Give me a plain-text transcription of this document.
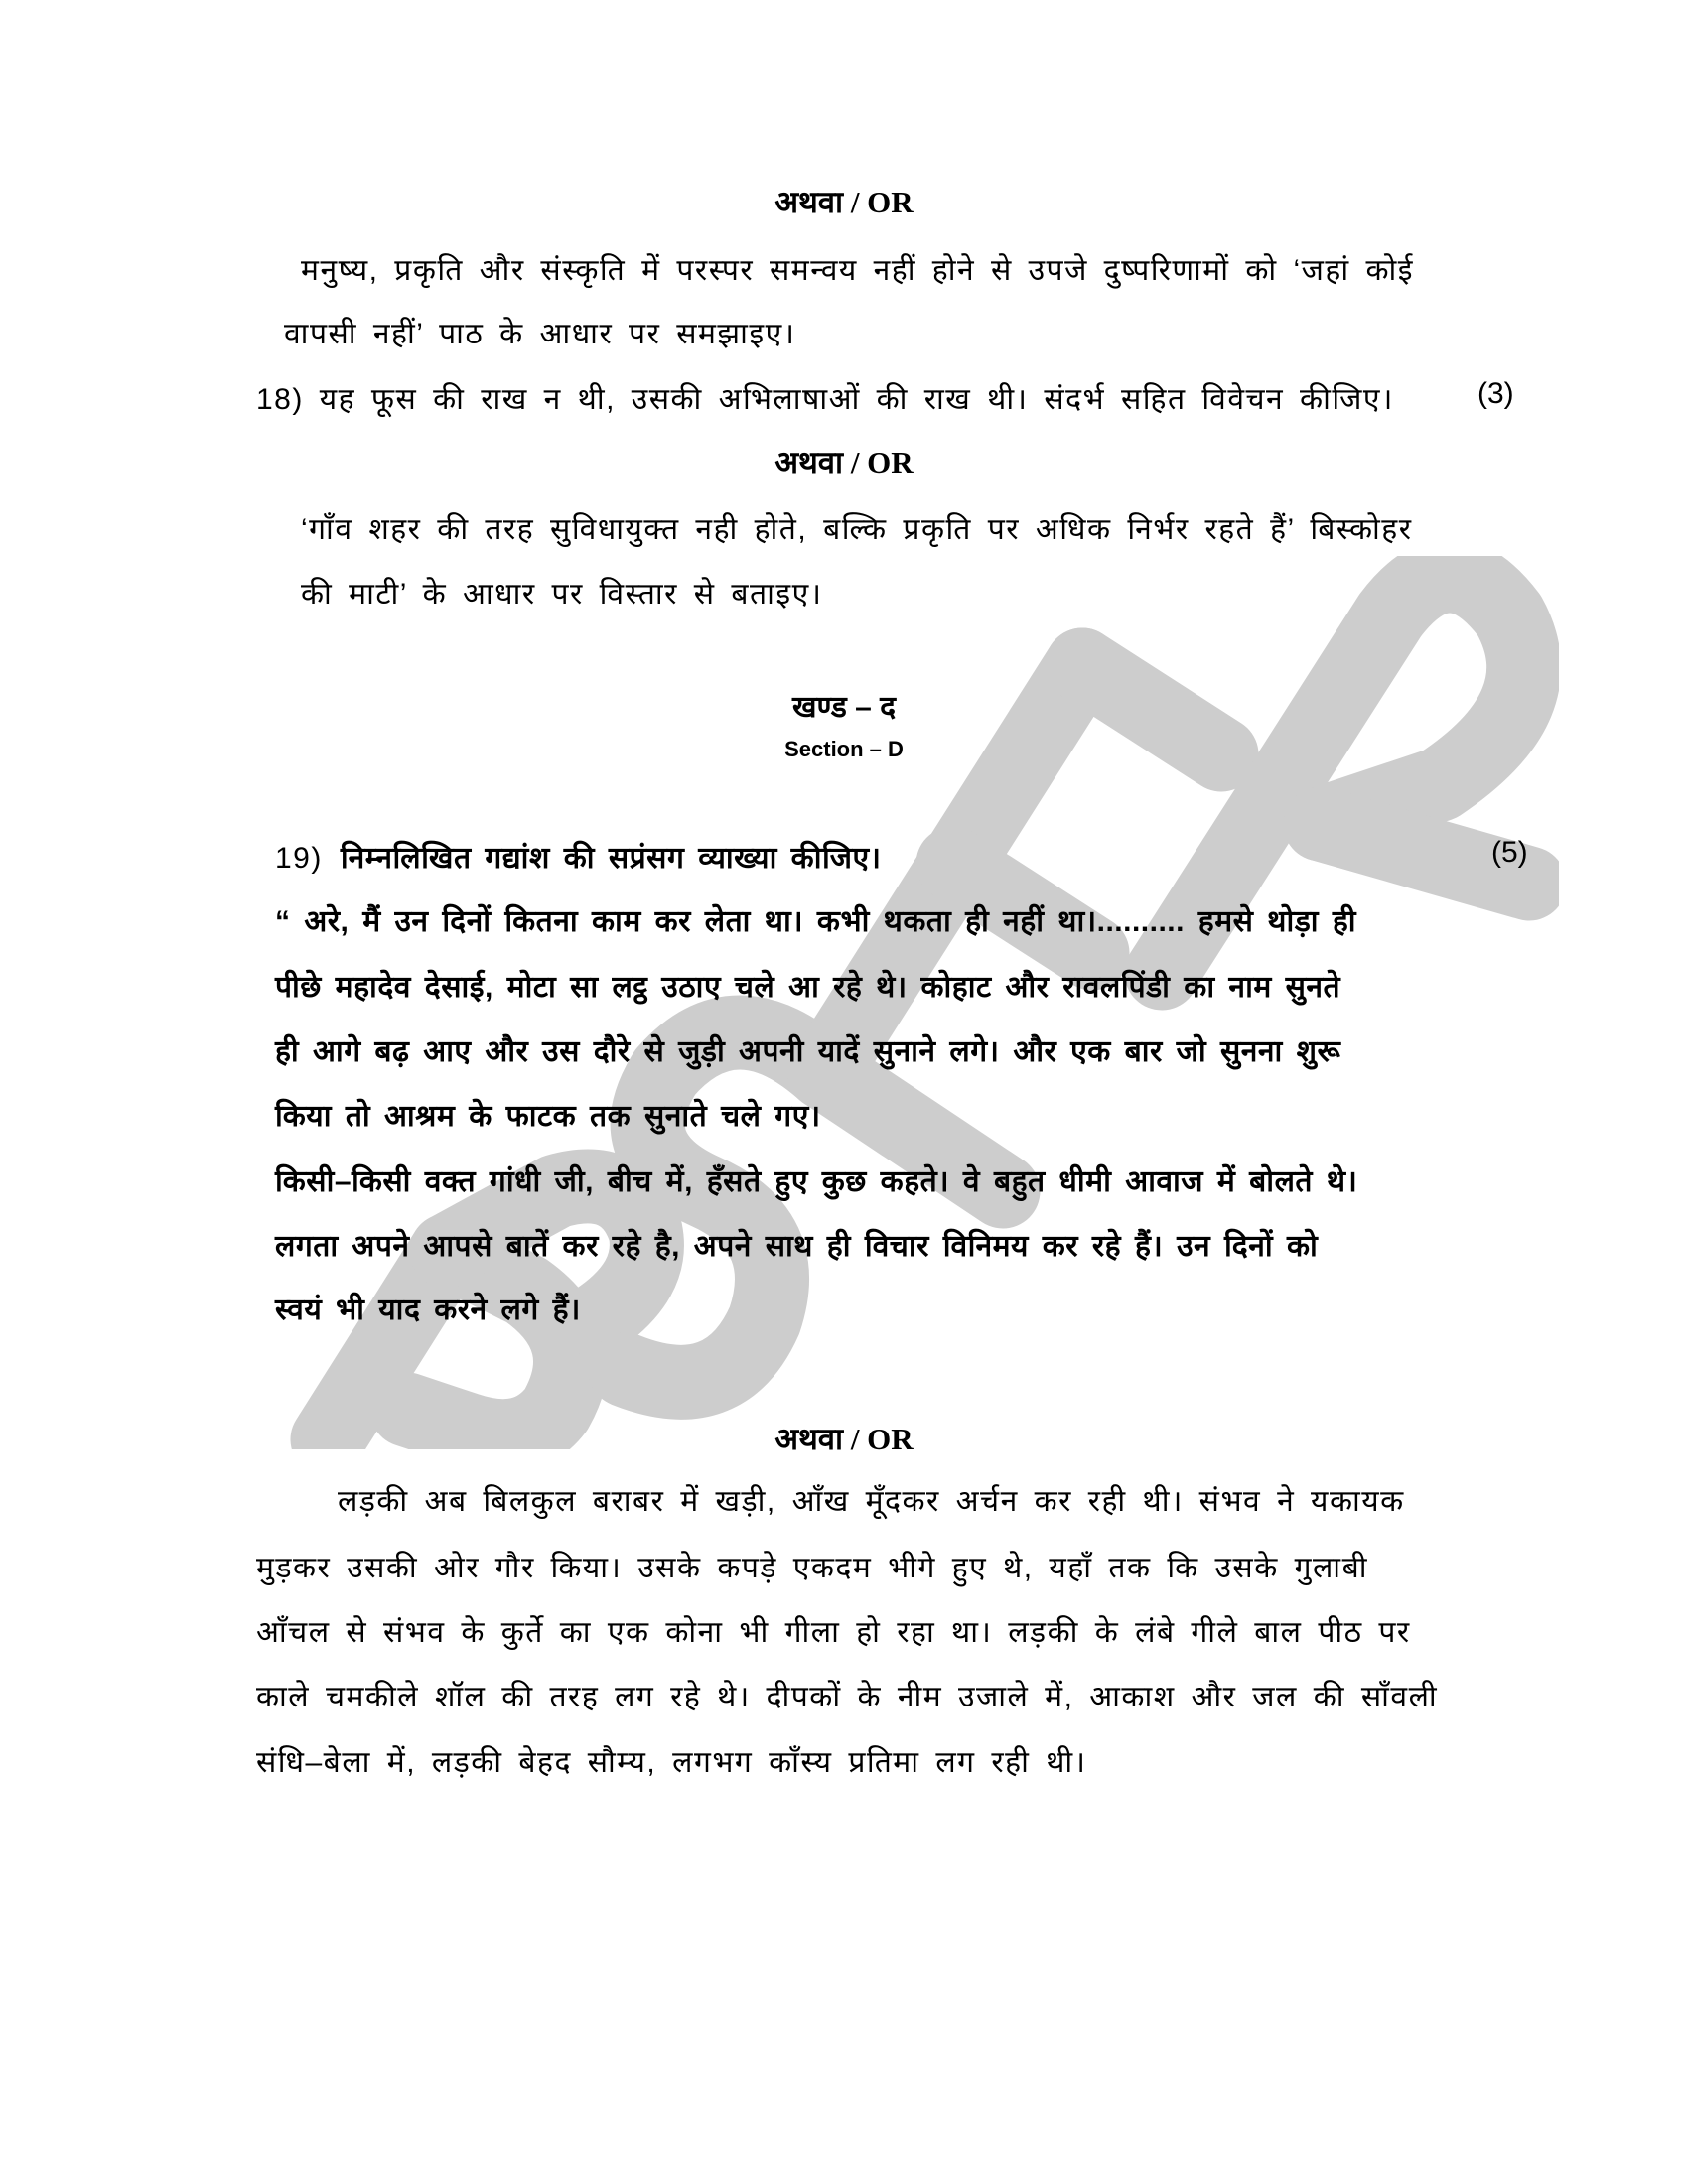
अथवा / OR
मनुष्य, प्रकृति और संस्कृति में परस्पर समन्वय नहीं होने से उपजे दुष्परिणामों को ‘जहां कोई
वापसी नहीं’ पाठ के आधार पर समझाइए।
18) यह फूस की राख न थी, उसकी अभिलाषाओं की राख थी। संदर्भ सहित विवेचन कीजिए।	(3)
अथवा / OR
‘गाँव शहर की तरह सुविधायुक्त नही होते, बल्कि प्रकृति पर अधिक निर्भर रहते हैं’ बिस्कोहर
की माटी’ के आधार पर विस्तार से बताइए।
खण्ड – द
Section – D
19) निम्नलिखित गद्यांश की सप्रंसग व्याख्या कीजिए।	(5)
“ अरे, मैं उन दिनों कितना काम कर लेता था। कभी थकता ही नहीं था।.......... हमसे थोड़ा ही
पीछे महादेव देसाई, मोटा सा लट्ठ उठाए चले आ रहे थे। कोहाट और रावलपिंडी का नाम सुनते
ही आगे बढ़ आए और उस दौरे से जुड़ी अपनी यादें सुनाने लगे। और एक बार जो सुनना शुरू
किया तो आश्रम के फाटक तक सुनाते चले गए।
किसी–किसी वक्त गांधी जी, बीच में, हँसते हुए कुछ कहते। वे बहुत धीमी आवाज में बोलते थे।
लगता अपने आपसे बातें कर रहे है, अपने साथ ही विचार विनिमय कर रहे हैं। उन दिनों को
स्वयं भी याद करने लगे हैं।
अथवा / OR
लड़की अब बिलकुल बराबर में खड़ी, आँख मूँदकर अर्चन कर रही थी। संभव ने यकायक
मुड़कर उसकी ओर गौर किया। उसके कपड़े एकदम भीगे हुए थे, यहाँ तक कि उसके गुलाबी
आँचल से संभव के कुर्ते का एक कोना भी गीला हो रहा था। लड़की के लंबे गीले बाल पीठ पर
काले चमकीले शॉल की तरह लग रहे थे। दीपकों के नीम उजाले में, आकाश और जल की साँवली
संधि–बेला में, लड़की बेहद सौम्य, लगभग काँस्य प्रतिमा लग रही थी।
